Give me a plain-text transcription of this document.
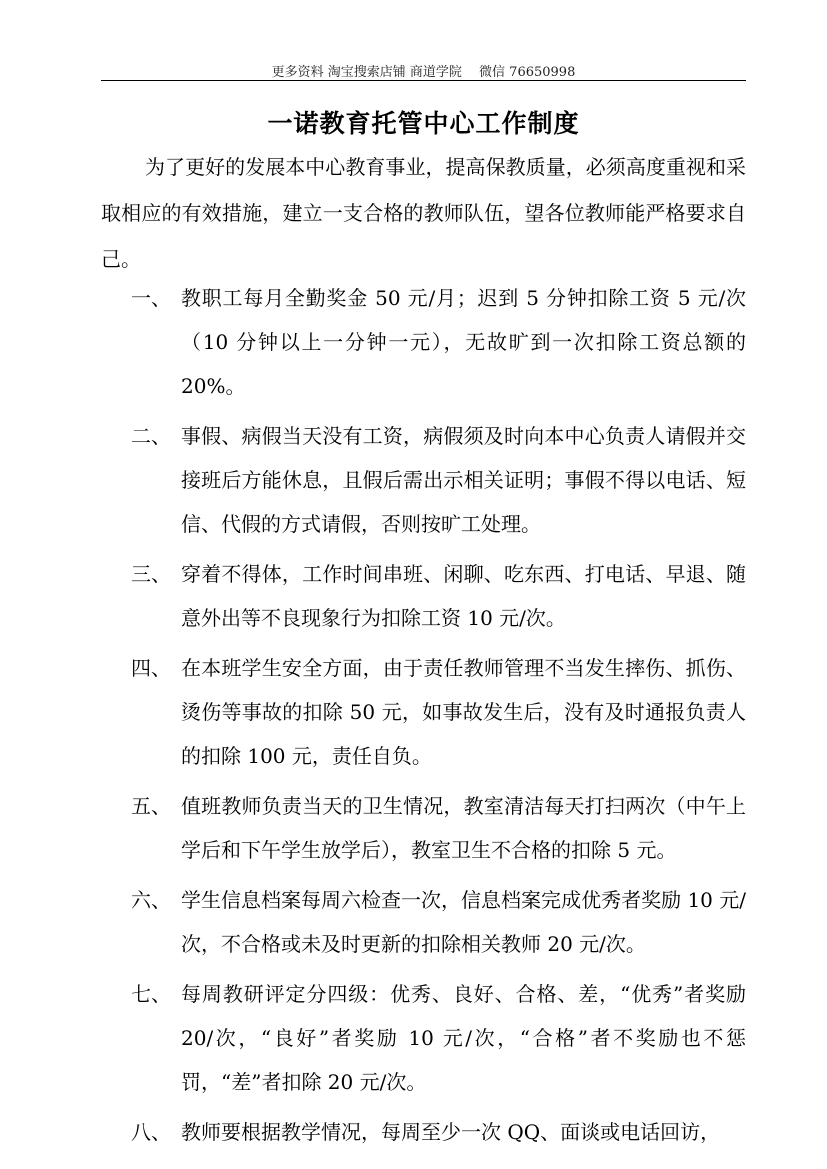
更多资料 淘宝搜索店铺 商道学院　 微信 76650998
一诺教育托管中心工作制度
为了更好的发展本中心教育事业，提高保教质量，必须高度重视和采取相应的有效措施，建立一支合格的教师队伍，望各位教师能严格要求自己。
一、 教职工每月全勤奖金 50 元/月；迟到 5 分钟扣除工资 5 元/次（10 分钟以上一分钟一元），无故旷到一次扣除工资总额的 20%。
二、 事假、病假当天没有工资，病假须及时向本中心负责人请假并交接班后方能休息，且假后需出示相关证明；事假不得以电话、短信、代假的方式请假，否则按旷工处理。
三、 穿着不得体，工作时间串班、闲聊、吃东西、打电话、早退、随意外出等不良现象行为扣除工资 10 元/次。
四、 在本班学生安全方面，由于责任教师管理不当发生摔伤、抓伤、烫伤等事故的扣除 50 元，如事故发生后，没有及时通报负责人的扣除 100 元，责任自负。
五、 值班教师负责当天的卫生情况，教室清洁每天打扫两次（中午上学后和下午学生放学后），教室卫生不合格的扣除 5 元。
六、 学生信息档案每周六检查一次，信息档案完成优秀者奖励 10 元/次，不合格或未及时更新的扣除相关教师 20 元/次。
七、 每周教研评定分四级：优秀、良好、合格、差，“优秀”者奖励 20/次，“良好”者奖励 10 元/次，“合格”者不奖励也不惩罚，“差”者扣除 20 元/次。
八、 教师要根据教学情况，每周至少一次 QQ、面谈或电话回访，
